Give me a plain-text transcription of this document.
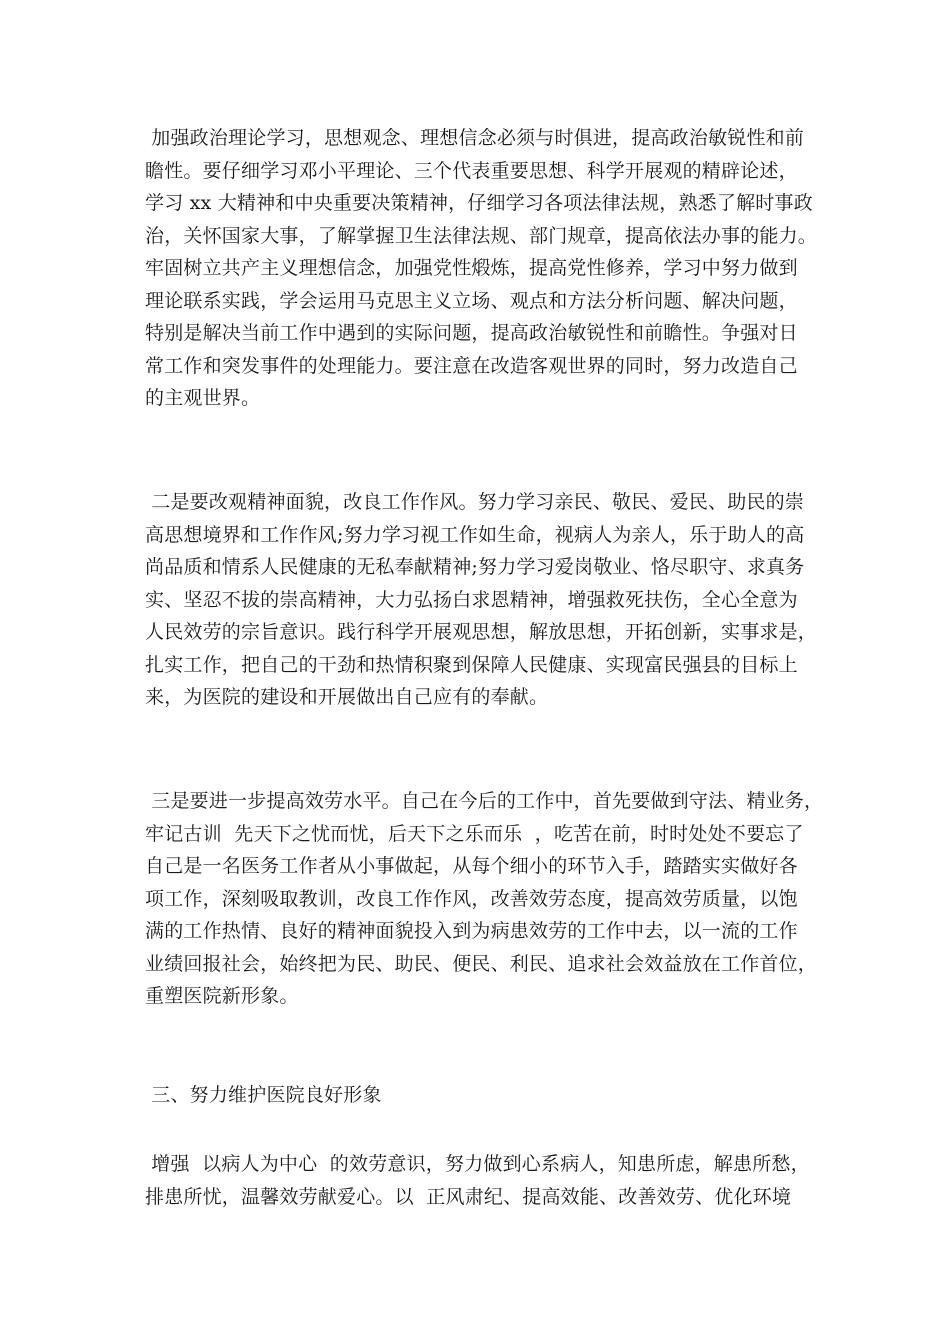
加强政治理论学习，思想观念、理想信念必须与时俱进，提高政治敏锐性和前
瞻性。要仔细学习邓小平理论、三个代表重要思想、科学开展观的精辟论述，
学习 xx 大精神和中央重要决策精神，仔细学习各项法律法规，熟悉了解时事政
治，关怀国家大事，了解掌握卫生法律法规、部门规章，提高依法办事的能力。
牢固树立共产主义理想信念，加强党性煅炼，提高党性修养，学习中努力做到
理论联系实践，学会运用马克思主义立场、观点和方法分析问题、解决问题，
特别是解决当前工作中遇到的实际问题，提高政治敏锐性和前瞻性。争强对日
常工作和突发事件的处理能力。要注意在改造客观世界的同时，努力改造自己
的主观世界。
二是要改观精神面貌，改良工作作风。努力学习亲民、敬民、爱民、助民的崇
高思想境界和工作作风;努力学习视工作如生命，视病人为亲人，乐于助人的高
尚品质和情系人民健康的无私奉献精神;努力学习爱岗敬业、恪尽职守、求真务
实、坚忍不拔的崇高精神，大力弘扬白求恩精神，增强救死扶伤，全心全意为
人民效劳的宗旨意识。践行科学开展观思想，解放思想，开拓创新，实事求是，
扎实工作，把自己的干劲和热情积聚到保障人民健康、实现富民强县的目标上
来，为医院的建设和开展做出自己应有的奉献。
三是要进一步提高效劳水平。自己在今后的工作中，首先要做到守法、精业务，
牢记古训  先天下之忧而忧，后天下之乐而乐  ，吃苦在前，时时处处不要忘了
自己是一名医务工作者从小事做起，从每个细小的环节入手，踏踏实实做好各
项工作，深刻吸取教训，改良工作作风，改善效劳态度，提高效劳质量，以饱
满的工作热情、良好的精神面貌投入到为病患效劳的工作中去，以一流的工作
业绩回报社会，始终把为民、助民、便民、利民、追求社会效益放在工作首位，
重塑医院新形象。
三、努力维护医院良好形象
增强  以病人为中心  的效劳意识，努力做到心系病人，知患所虑，解患所愁，
排患所忧，温馨效劳献爱心。以  正风肃纪、提高效能、改善效劳、优化环境
